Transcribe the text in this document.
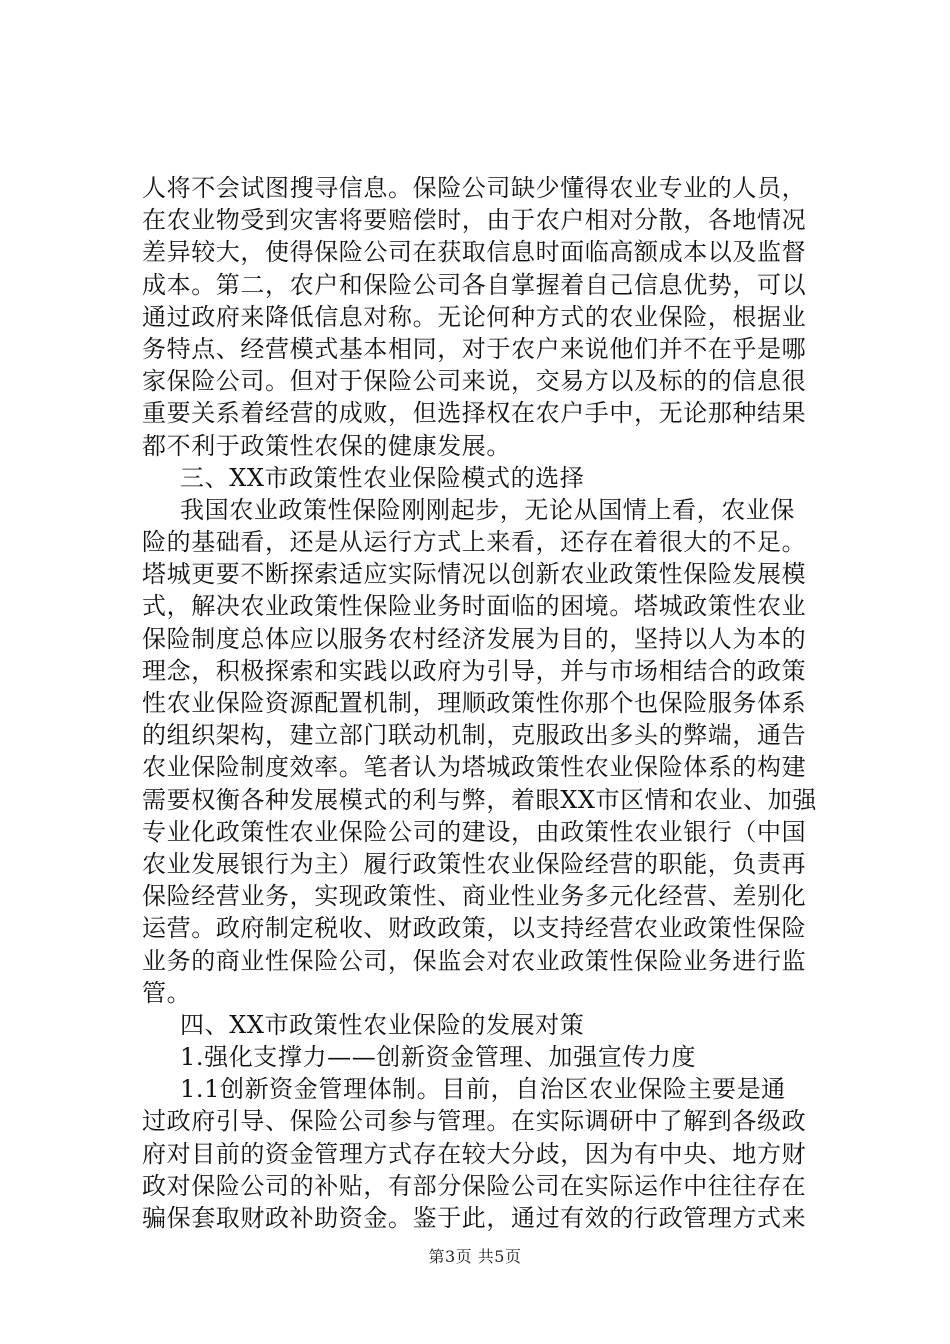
人将不会试图搜寻信息。保险公司缺少懂得农业专业的人员，
在农业物受到灾害将要赔偿时，由于农户相对分散，各地情况
差异较大，使得保险公司在获取信息时面临高额成本以及监督
成本。第二，农户和保险公司各自掌握着自己信息优势，可以
通过政府来降低信息对称。无论何种方式的农业保险，根据业
务特点、经营模式基本相同，对于农户来说他们并不在乎是哪
家保险公司。但对于保险公司来说，交易方以及标的的信息很
重要关系着经营的成败，但选择权在农户手中，无论那种结果
都不利于政策性农保的健康发展。
三、XX市政策性农业保险模式的选择
我国农业政策性保险刚刚起步，无论从国情上看，农业保
险的基础看，还是从运行方式上来看，还存在着很大的不足。
塔城更要不断探索适应实际情况以创新农业政策性保险发展模
式，解决农业政策性保险业务时面临的困境。塔城政策性农业
保险制度总体应以服务农村经济发展为目的，坚持以人为本的
理念，积极探索和实践以政府为引导，并与市场相结合的政策
性农业保险资源配置机制，理顺政策性你那个也保险服务体系
的组织架构，建立部门联动机制，克服政出多头的弊端，通告
农业保险制度效率。笔者认为塔城政策性农业保险体系的构建
需要权衡各种发展模式的利与弊，着眼XX市区情和农业、加强
专业化政策性农业保险公司的建设，由政策性农业银行（中国
农业发展银行为主）履行政策性农业保险经营的职能，负责再
保险经营业务，实现政策性、商业性业务多元化经营、差别化
运营。政府制定税收、财政政策，以支持经营农业政策性保险
业务的商业性保险公司，保监会对农业政策性保险业务进行监
管。
四、XX市政策性农业保险的发展对策
1.强化支撑力——创新资金管理、加强宣传力度
1.1创新资金管理体制。目前，自治区农业保险主要是通
过政府引导、保险公司参与管理。在实际调研中了解到各级政
府对目前的资金管理方式存在较大分歧，因为有中央、地方财
政对保险公司的补贴，有部分保险公司在实际运作中往往存在
骗保套取财政补助资金。鉴于此，通过有效的行政管理方式来
第3页 共5页
